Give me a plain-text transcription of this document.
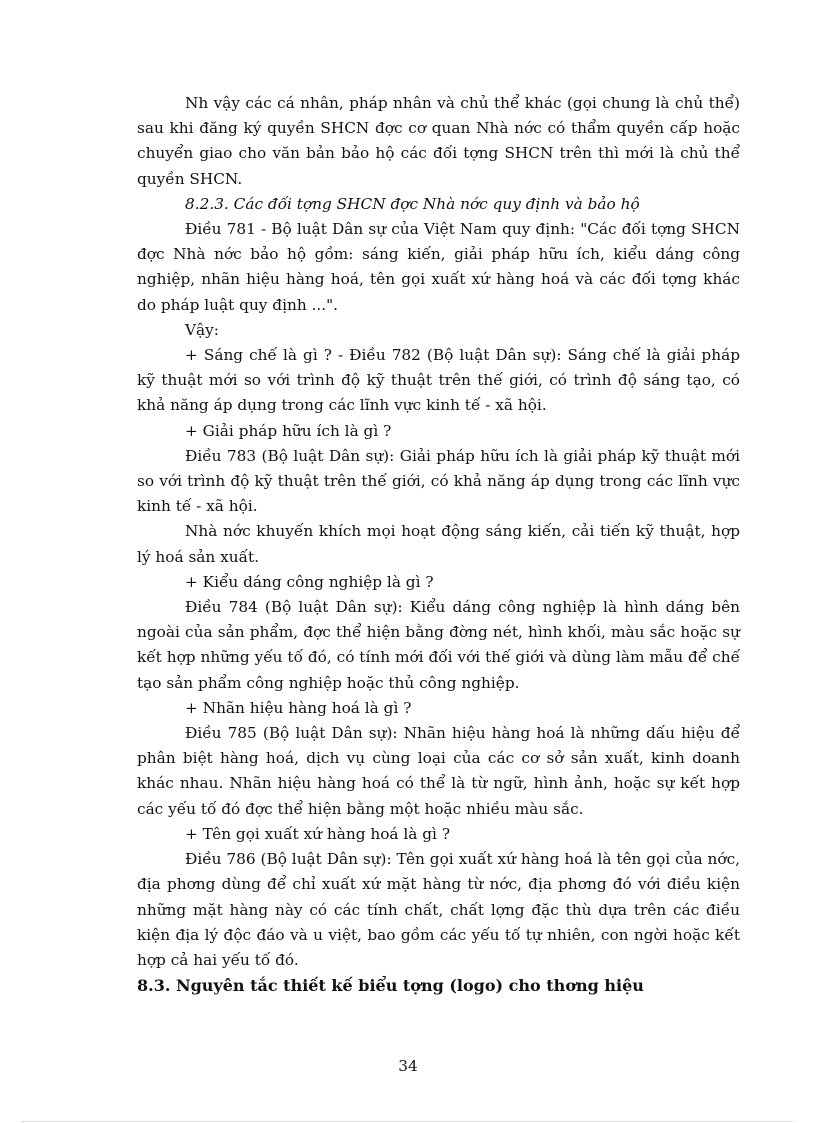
Nh vậy các cá nhân, pháp nhân và chủ thể khác (gọi chung là chủ thể) sau khi đăng ký quyền SHCN đợc cơ quan Nhà nớc có thẩm quyền cấp hoặc chuyển giao cho văn bản bảo hộ các đối tợng SHCN trên thì mới là chủ thể quyền SHCN.

8.2.3. Các đối tợng SHCN đợc Nhà nớc quy định và bảo hộ

Điều 781 - Bộ luật Dân sự của Việt Nam quy định: "Các đối tợng SHCN đợc Nhà nớc bảo hộ gồm: sáng kiến, giải pháp hữu ích, kiểu dáng công nghiệp, nhãn hiệu hàng hoá, tên gọi xuất xứ hàng hoá và các đối tợng khác do pháp luật quy định ...".

Vậy:

+ Sáng chế là gì ? - Điều 782 (Bộ luật Dân sự): Sáng chế là giải pháp kỹ thuật mới so với trình độ kỹ thuật trên thế giới, có trình độ sáng tạo, có khả năng áp dụng trong các lĩnh vực kinh tế - xã hội.

+ Giải pháp hữu ích là gì ?

Điều 783 (Bộ luật Dân sự): Giải pháp hữu ích là giải pháp kỹ thuật mới so với trình độ kỹ thuật trên thế giới, có khả năng áp dụng trong các lĩnh vực kinh tế - xã hội.

Nhà nớc khuyến khích mọi hoạt động sáng kiến, cải tiến kỹ thuật, hợp lý hoá sản xuất.

+ Kiểu dáng công nghiệp là gì ?

Điều 784 (Bộ luật Dân sự): Kiểu dáng công nghiệp là hình dáng bên ngoài của sản phẩm, đợc thể hiện bằng đờng nét, hình khối, màu sắc hoặc sự kết hợp những yếu tố đó, có tính mới đối với thế giới và dùng làm mẫu để chế tạo sản phẩm công nghiệp hoặc thủ công nghiệp.

+ Nhãn hiệu hàng hoá là gì ?

Điều 785 (Bộ luật Dân sự): Nhãn hiệu hàng hoá là những dấu hiệu để phân biệt hàng hoá, dịch vụ cùng loại của các cơ sở sản xuất, kinh doanh khác nhau. Nhãn hiệu hàng hoá có thể là từ ngữ, hình ảnh, hoặc sự kết hợp các yếu tố đó đợc thể hiện bằng một hoặc nhiều màu sắc.

+ Tên gọi xuất xứ hàng hoá là gì ?

Điều 786 (Bộ luật Dân sự): Tên gọi xuất xứ hàng hoá là tên gọi của nớc, địa phơng dùng để chỉ xuất xứ mặt hàng từ nớc, địa phơng đó với điều kiện những mặt hàng này có các tính chất, chất lợng đặc thù dựa trên các điều kiện địa lý độc đáo và u việt, bao gồm các yếu tố tự nhiên, con ngời hoặc kết hợp cả hai yếu tố đó.

8.3. Nguyên tắc thiết kế biểu tợng (logo) cho thơng hiệu

34
